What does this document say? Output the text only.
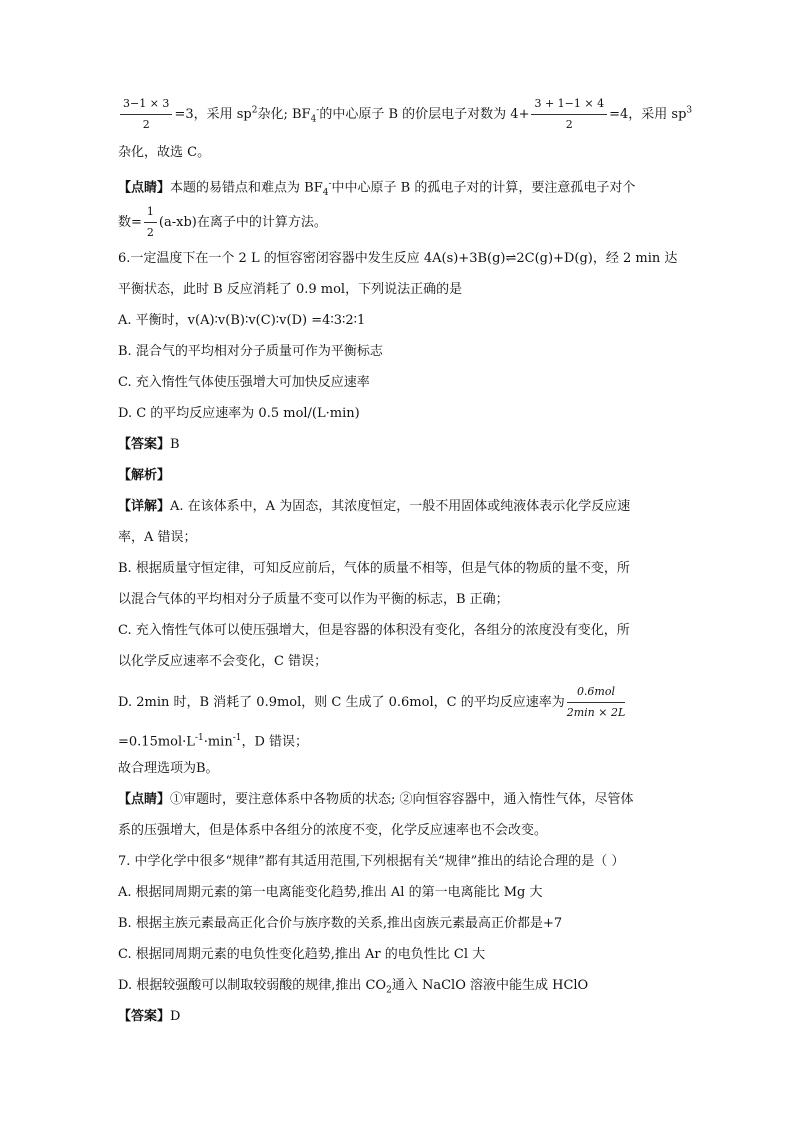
$\frac{3-1 \times 3}{2} =3$，采用 $sp^2$杂化; $BF_4^-$的中心原子 B 的价层电子对数为 $4+ \frac{3 + 1-1 \times 4}{2} =4$，采用 $sp^3$
杂化，故选 C。
【点睛】本题的易错点和难点为 $BF_4^-$中中心原子 B 的孤电子对的计算，要注意孤电子对个
数= $\frac{1}{2} (a-xb)$在离子中的计算方法。
6.一定温度下在一个 2 L 的恒容密闭容器中发生反应 4A(s)+3B(g)⇌2C(g)+D(g)，经 2 min 达
平衡状态，此时 B 反应消耗了 0.9 mol，下列说法正确的是
A. 平衡时，v(A)∶v(B)∶v(C)∶v(D) =4∶3∶2∶1
B. 混合气的平均相对分子质量可作为平衡标志
C. 充入惰性气体使压强增大可加快反应速率
D. C 的平均反应速率为 0.5 mol/(L·min)
【答案】B
【解析】
【详解】A. 在该体系中，A 为固态，其浓度恒定，一般不用固体或纯液体表示化学反应速
率，A 错误；
B. 根据质量守恒定律，可知反应前后，气体的质量不相等，但是气体的物质的量不变，所
以混合气体的平均相对分子质量不变可以作为平衡的标志，B 正确；
C. 充入惰性气体可以使压强增大，但是容器的体积没有变化，各组分的浓度没有变化，所
以化学反应速率不会变化，C 错误；
D. 2min 时，B 消耗了 0.9mol，则 C 生成了 0.6mol，C 的平均反应速率为 $\frac{\text{0.6mol}}{2\min \times 2L}$
$=0.15mol\cdot L^{-1}\cdot\min^{-1}$，D 错误；
故合理选项为B。
【点睛】①审题时，要注意体系中各物质的状态; ②向恒容容器中，通入惰性气体，尽管体
系的压强增大，但是体系中各组分的浓度不变，化学反应速率也不会改变。
7. 中学化学中很多“规律”都有其适用范围,下列根据有关“规律”推出的结论合理的是（ ）
A. 根据同周期元素的第一电离能变化趋势,推出 Al 的第一电离能比 Mg 大
B. 根据主族元素最高正化合价与族序数的关系,推出卤族元素最高正价都是+7
C. 根据同周期元素的电负性变化趋势,推出 Ar 的电负性比 Cl 大
D. 根据较强酸可以制取较弱酸的规律,推出 $CO_2$通入 NaClO 溶液中能生成 HClO
【答案】D
